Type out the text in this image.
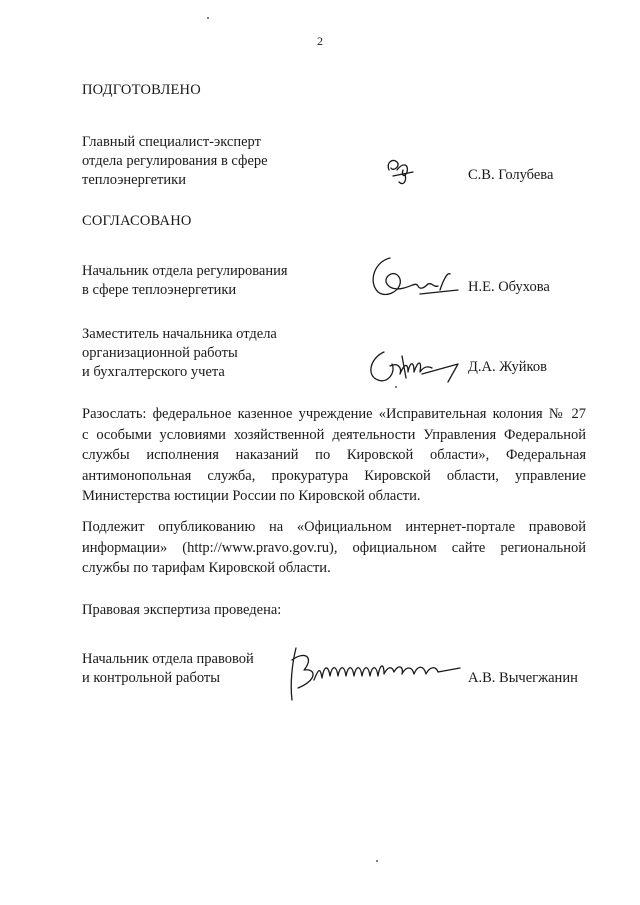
2
ПОДГОТОВЛЕНО
Главный специалист-эксперт
отдела регулирования в сфере
теплоэнергетики	С.В. Голубева
СОГЛАСОВАНО
Начальник отдела регулирования
в сфере теплоэнергетики	Н.Е. Обухова
Заместитель начальника отдела
организационной работы
и бухгалтерского учета	Д.А. Жуйков
Разослать: федеральное казенное учреждение «Исправительная колония № 27
с особыми условиями хозяйственной деятельности Управления Федеральной
службы исполнения наказаний по Кировской области», Федеральная
антимонопольная служба, прокуратура Кировской области, управление
Министерства юстиции России по Кировской области.
Подлежит опубликованию на «Официальном интернет-портале правовой
информации» (http://www.pravo.gov.ru), официальном сайте региональной
службы по тарифам Кировской области.
Правовая экспертиза проведена:
Начальник отдела правовой
и контрольной работы	А.В. Вычегжанин
